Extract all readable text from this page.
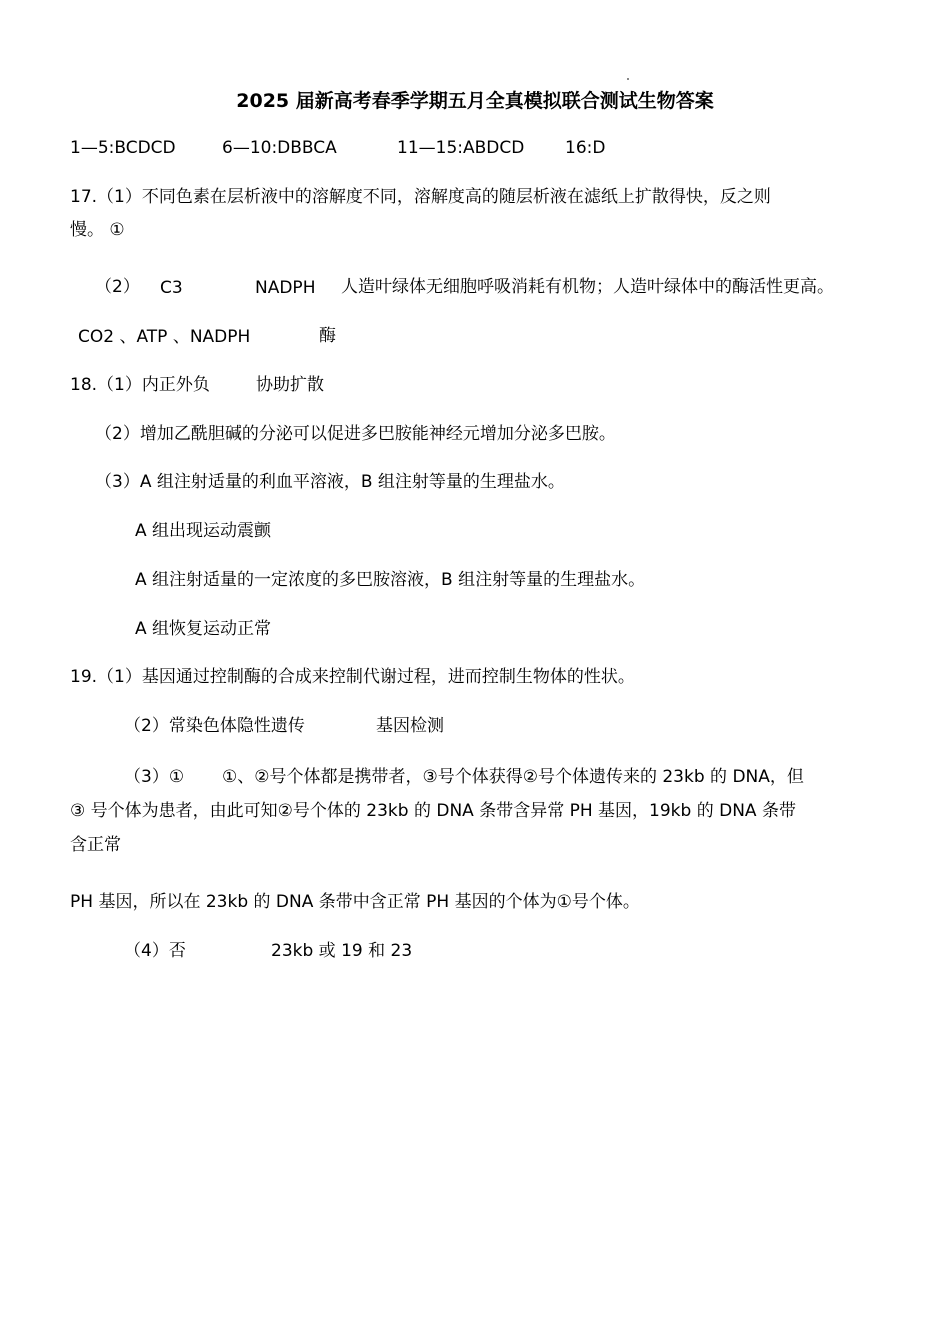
2025 届新高考春季学期五月全真模拟联合测试生物答案
1—5:BCDCD	6—10:DBBCA	11—15:ABDCD 16:D
17.（1）不同色素在层析液中的溶解度不同，溶解度高的随层析液在滤纸上扩散得快，反之则
慢。 ①
（2） C3	NADPH 人造叶绿体无细胞呼吸消耗有机物；人造叶绿体中的酶活性更高。
CO2 、ATP 、NADPH	酶
18.（1）内正外负	协助扩散
（2）增加乙酰胆碱的分泌可以促进多巴胺能神经元增加分泌多巴胺。
（3）A 组注射适量的利血平溶液，B 组注射等量的生理盐水。
A 组出现运动震颤
A 组注射适量的一定浓度的多巴胺溶液，B 组注射等量的生理盐水。
A 组恢复运动正常
19.（1）基因通过控制酶的合成来控制代谢过程，进而控制生物体的性状。
（2）常染色体隐性遗传	基因检测
（3）① ①、②号个体都是携带者，③号个体获得②号个体遗传来的 23kb 的 DNA，但
③ 号个体为患者，由此可知②号个体的 23kb 的 DNA 条带含异常 PH 基因，19kb 的 DNA 条带
含正常
PH 基因，所以在 23kb 的 DNA 条带中含正常 PH 基因的个体为①号个体。
（4）否	23kb 或 19 和 23
